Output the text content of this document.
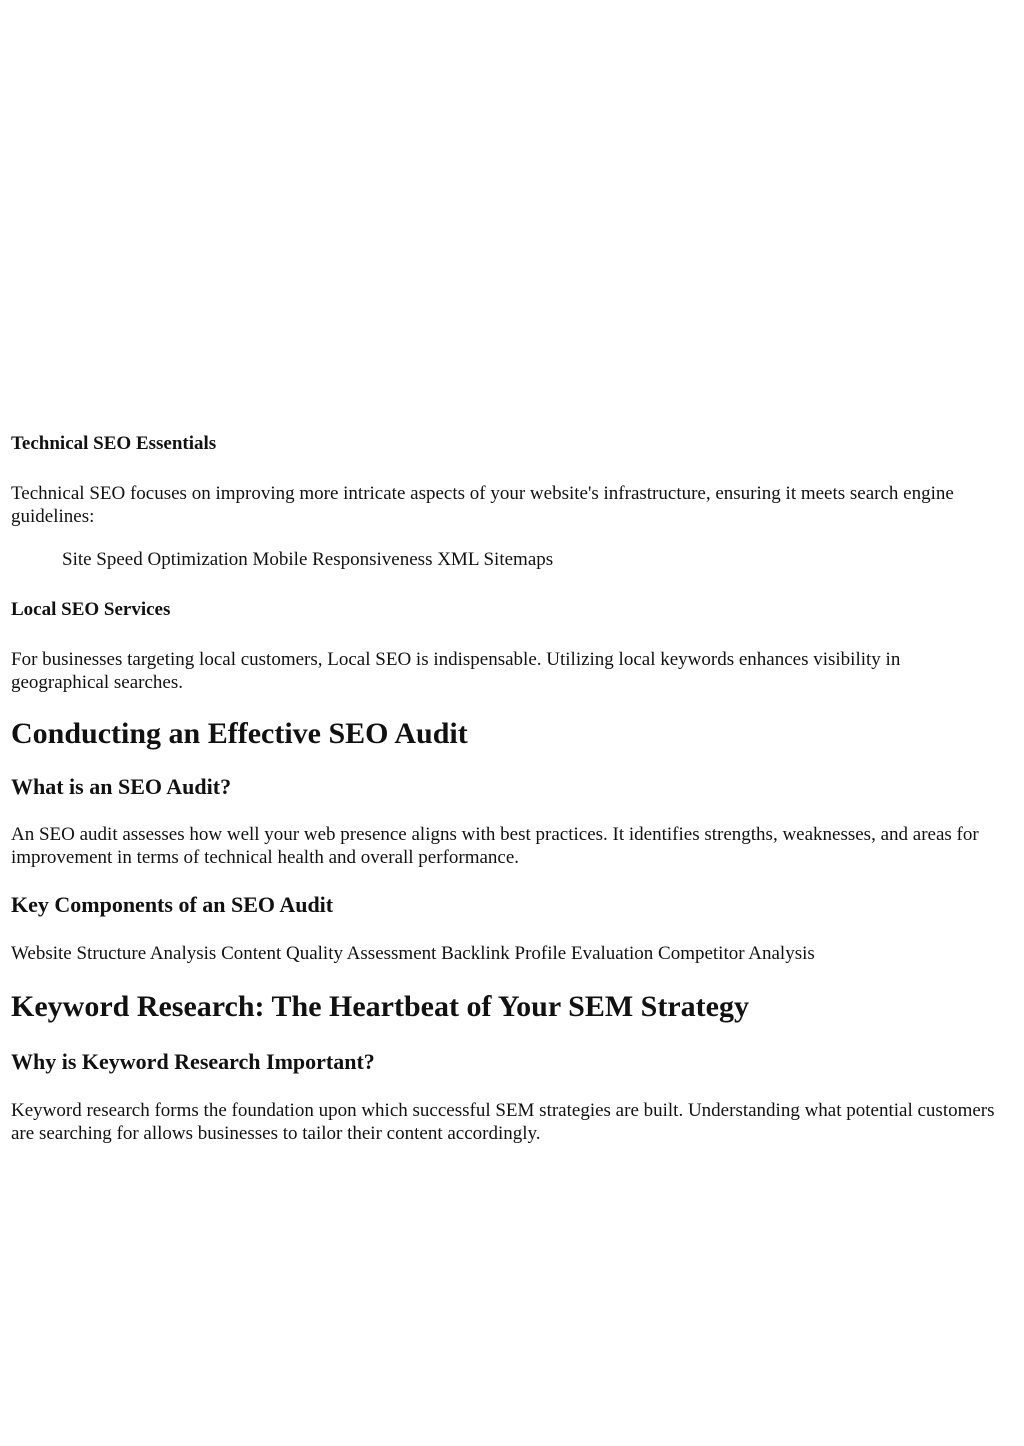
Technical SEO Essentials

Technical SEO focuses on improving more intricate aspects of your website's infrastructure, ensuring it meets search engine guidelines:

Site Speed Optimization Mobile Responsiveness XML Sitemaps
Local SEO Services

For businesses targeting local customers, Local SEO is indispensable. Utilizing local keywords enhances visibility in geographical searches.

Conducting an Effective SEO Audit
What is an SEO Audit?

An SEO audit assesses how well your web presence aligns with best practices. It identifies strengths, weaknesses, and areas for improvement in terms of technical health and overall performance.

Key Components of an SEO Audit
Website Structure Analysis Content Quality Assessment Backlink Profile Evaluation Competitor Analysis
Keyword Research: The Heartbeat of Your SEM Strategy
Why is Keyword Research Important?

Keyword research forms the foundation upon which successful SEM strategies are built. Understanding what potential customers are searching for allows businesses to tailor their content accordingly.
